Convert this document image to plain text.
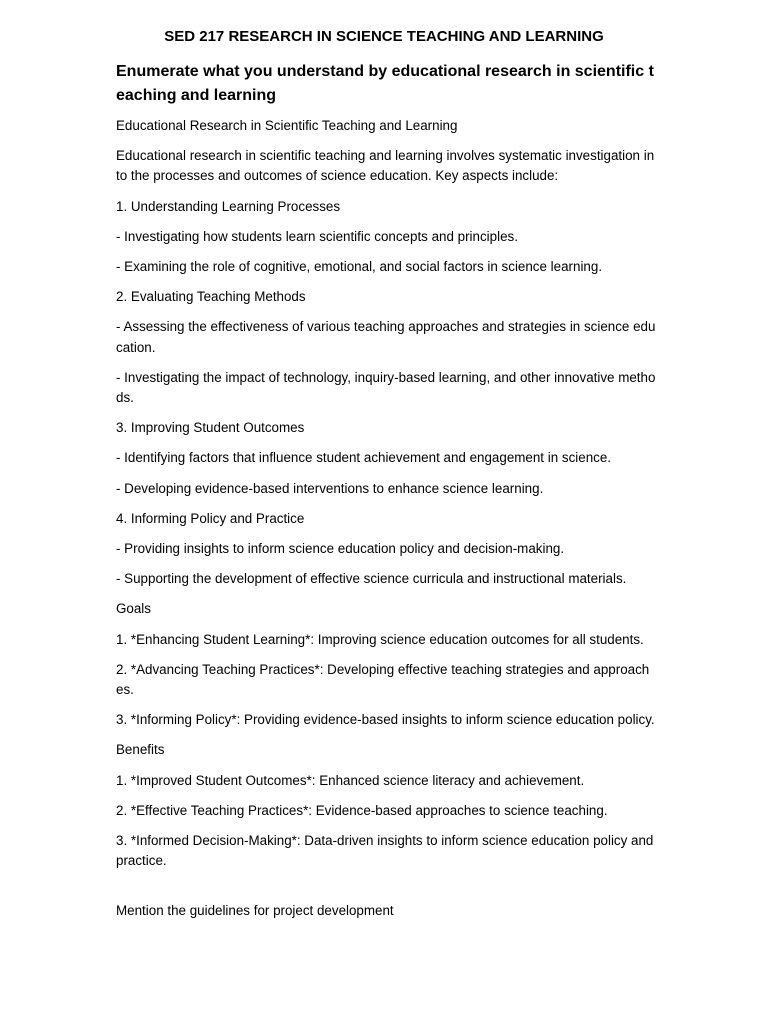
SED 217 RESEARCH IN SCIENCE TEACHING AND LEARNING
Enumerate what you understand by educational research in scientific teaching and learning

Educational Research in Scientific Teaching and Learning

Educational research in scientific teaching and learning involves systematic investigation into the processes and outcomes of science education. Key aspects include:

1. Understanding Learning Processes

- Investigating how students learn scientific concepts and principles.

- Examining the role of cognitive, emotional, and social factors in science learning.

2. Evaluating Teaching Methods

- Assessing the effectiveness of various teaching approaches and strategies in science education.

- Investigating the impact of technology, inquiry-based learning, and other innovative methods.

3. Improving Student Outcomes

- Identifying factors that influence student achievement and engagement in science.

- Developing evidence-based interventions to enhance science learning.

4. Informing Policy and Practice

- Providing insights to inform science education policy and decision-making.

- Supporting the development of effective science curricula and instructional materials.

Goals

1. *Enhancing Student Learning*: Improving science education outcomes for all students.

2. *Advancing Teaching Practices*: Developing effective teaching strategies and approaches.

3. *Informing Policy*: Providing evidence-based insights to inform science education policy.

Benefits

1. *Improved Student Outcomes*: Enhanced science literacy and achievement.

2. *Effective Teaching Practices*: Evidence-based approaches to science teaching.

3. *Informed Decision-Making*: Data-driven insights to inform science education policy and practice.

Mention the guidelines for project development
